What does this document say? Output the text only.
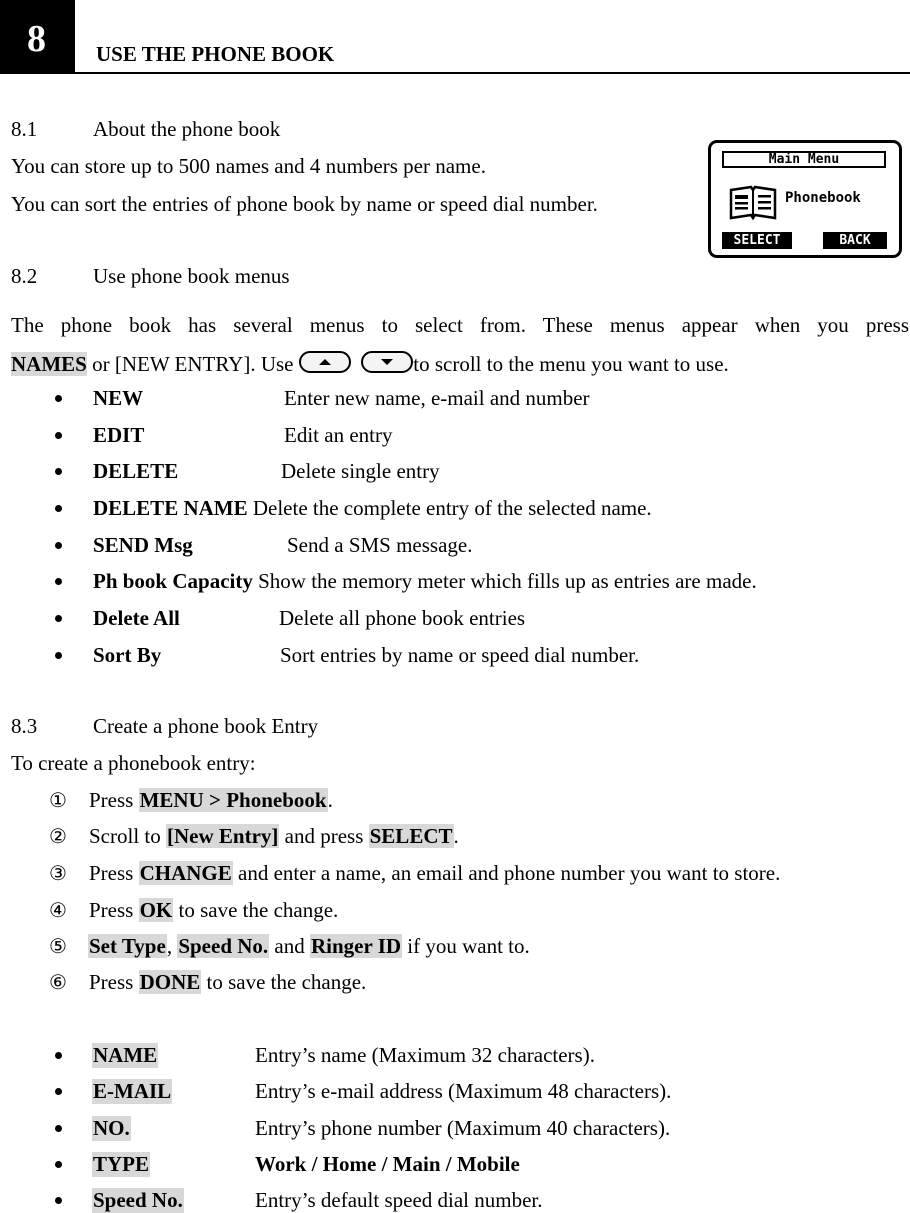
8	USE THE PHONE BOOK
8.1	About the phone book
You can store up to 500 names and 4 numbers per name.
You can sort the entries of phone book by name or speed dial number.
Main Menu
Phonebook
SELECT	BACK
8.2	Use phone book menus
The phone book has several menus to select from. These menus appear when you press
NAMES or [NEW ENTRY]. Use
	to scroll to the menu you want to use.
NEW	Enter new name, e-mail and number
EDIT	Edit an entry
DELETE	Delete single entry
DELETE NAME Delete the complete entry of the selected name.
SEND Msg	Send a SMS message.
Ph book Capacity Show the memory meter which fills up as entries are made.
Delete All	Delete all phone book entries
Sort By	Sort entries by name or speed dial number.
8.3	Create a phone book Entry
To create a phonebook entry:
① Press MENU > Phonebook.
② Scroll to [New Entry] and press SELECT.
③ Press CHANGE and enter a name, an email and phone number you want to store.
④ Press OK to save the change.
⑤ Set Type, Speed No. and Ringer ID if you want to.
⑥ Press DONE to save the change.
NAME	Entry’s name (Maximum 32 characters).
E-MAIL	Entry’s e-mail address (Maximum 48 characters).
NO.	Entry’s phone number (Maximum 40 characters).
TYPE	Work / Home / Main / Mobile
Speed No.	Entry’s default speed dial number.
